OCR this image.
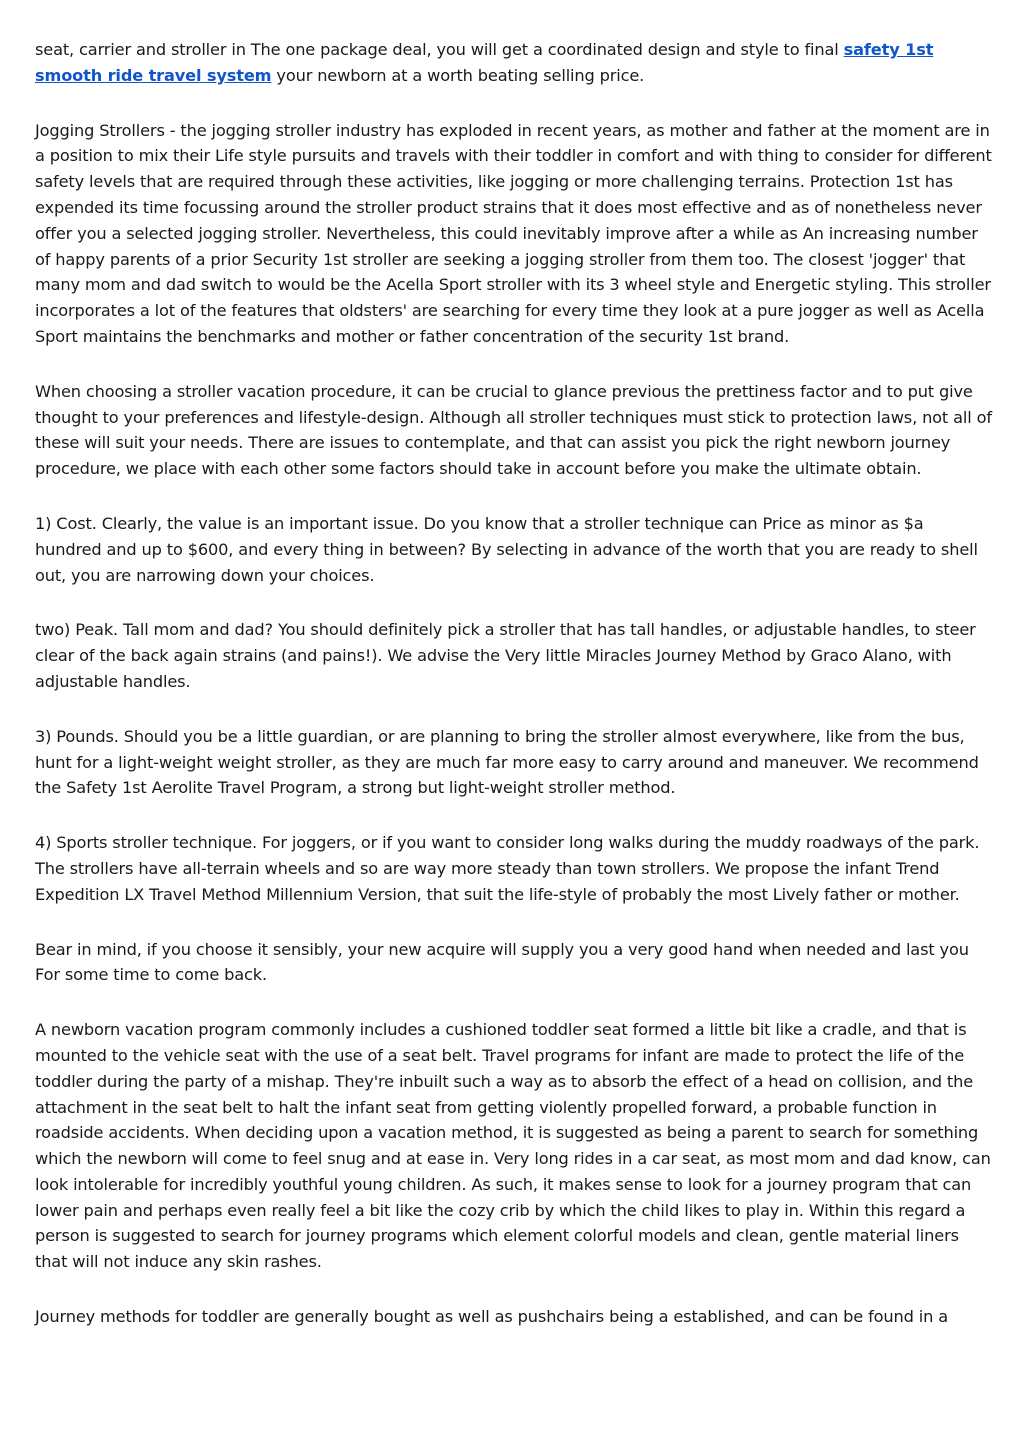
seat, carrier and stroller in The one package deal, you will get a coordinated design and style to final safety 1st smooth ride travel system your newborn at a worth beating selling price.

Jogging Strollers - the jogging stroller industry has exploded in recent years, as mother and father at the moment are in a position to mix their Life style pursuits and travels with their toddler in comfort and with thing to consider for different safety levels that are required through these activities, like jogging or more challenging terrains. Protection 1st has expended its time focussing around the stroller product strains that it does most effective and as of nonetheless never offer you a selected jogging stroller. Nevertheless, this could inevitably improve after a while as An increasing number of happy parents of a prior Security 1st stroller are seeking a jogging stroller from them too. The closest 'jogger' that many mom and dad switch to would be the Acella Sport stroller with its 3 wheel style and Energetic styling. This stroller incorporates a lot of the features that oldsters' are searching for every time they look at a pure jogger as well as Acella Sport maintains the benchmarks and mother or father concentration of the security 1st brand.

When choosing a stroller vacation procedure, it can be crucial to glance previous the prettiness factor and to put give thought to your preferences and lifestyle-design. Although all stroller techniques must stick to protection laws, not all of these will suit your needs. There are issues to contemplate, and that can assist you pick the right newborn journey procedure, we place with each other some factors should take in account before you make the ultimate obtain.

1) Cost. Clearly, the value is an important issue. Do you know that a stroller technique can Price as minor as $a hundred and up to $600, and every thing in between? By selecting in advance of the worth that you are ready to shell out, you are narrowing down your choices.

two) Peak. Tall mom and dad? You should definitely pick a stroller that has tall handles, or adjustable handles, to steer clear of the back again strains (and pains!). We advise the Very little Miracles Journey Method by Graco Alano, with adjustable handles.

3) Pounds. Should you be a little guardian, or are planning to bring the stroller almost everywhere, like from the bus, hunt for a light-weight weight stroller, as they are much far more easy to carry around and maneuver. We recommend the Safety 1st Aerolite Travel Program, a strong but light-weight stroller method.

4) Sports stroller technique. For joggers, or if you want to consider long walks during the muddy roadways of the park. The strollers have all-terrain wheels and so are way more steady than town strollers. We propose the infant Trend Expedition LX Travel Method Millennium Version, that suit the life-style of probably the most Lively father or mother.

Bear in mind, if you choose it sensibly, your new acquire will supply you a very good hand when needed and last you For some time to come back.

A newborn vacation program commonly includes a cushioned toddler seat formed a little bit like a cradle, and that is mounted to the vehicle seat with the use of a seat belt. Travel programs for infant are made to protect the life of the toddler during the party of a mishap. They're inbuilt such a way as to absorb the effect of a head on collision, and the attachment in the seat belt to halt the infant seat from getting violently propelled forward, a probable function in roadside accidents. When deciding upon a vacation method, it is suggested as being a parent to search for something which the newborn will come to feel snug and at ease in. Very long rides in a car seat, as most mom and dad know, can look intolerable for incredibly youthful young children. As such, it makes sense to look for a journey program that can lower pain and perhaps even really feel a bit like the cozy crib by which the child likes to play in. Within this regard a person is suggested to search for journey programs which element colorful models and clean, gentle material liners that will not induce any skin rashes.

Journey methods for toddler are generally bought as well as pushchairs being a established, and can be found in a
